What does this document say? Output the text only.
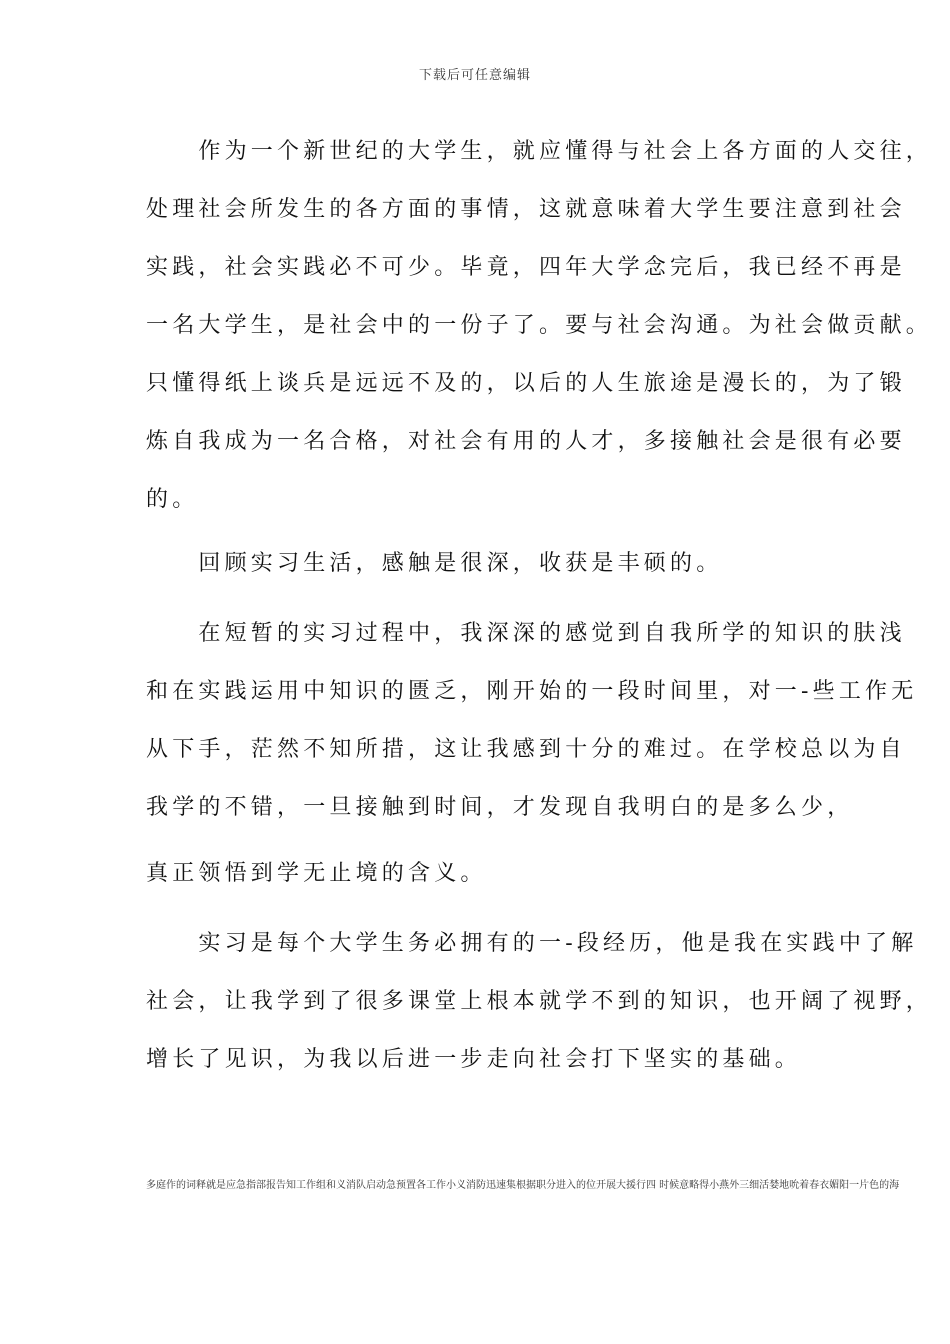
下载后可任意编辑
　　作为一个新世纪的大学生，就应懂得与社会上各方面的人交往，
处理社会所发生的各方面的事情，这就意味着大学生要注意到社会
实践，社会实践必不可少。毕竟，四年大学念完后，我已经不再是
一名大学生，是社会中的一份子了。要与社会沟通。为社会做贡献。
只懂得纸上谈兵是远远不及的，以后的人生旅途是漫长的，为了锻
炼自我成为一名合格，对社会有用的人才，多接触社会是很有必要
的。
　　回顾实习生活，感触是很深，收获是丰硕的。
　　在短暂的实习过程中，我深深的感觉到自我所学的知识的肤浅
和在实践运用中知识的匮乏，刚开始的一段时间里，对一-些工作无
从下手，茫然不知所措，这让我感到十分的难过。在学校总以为自
我学的不错，一旦接触到时间，才发现自我明白的是多么少，
真正领悟到学无止境的含义。
　　实习是每个大学生务必拥有的一-段经历，他是我在实践中了解
社会，让我学到了很多课堂上根本就学不到的知识，也开阔了视野，
增长了见识，为我以后进一步走向社会打下坚实的基础。
多庭作的词释就是应急指部报告知工作组和义消队启动急预置各工作小义消防迅速集根据职分进入的位开展大援行四 时候意略得小燕外三细活婪地吮着春衣媚阳一片色的海
